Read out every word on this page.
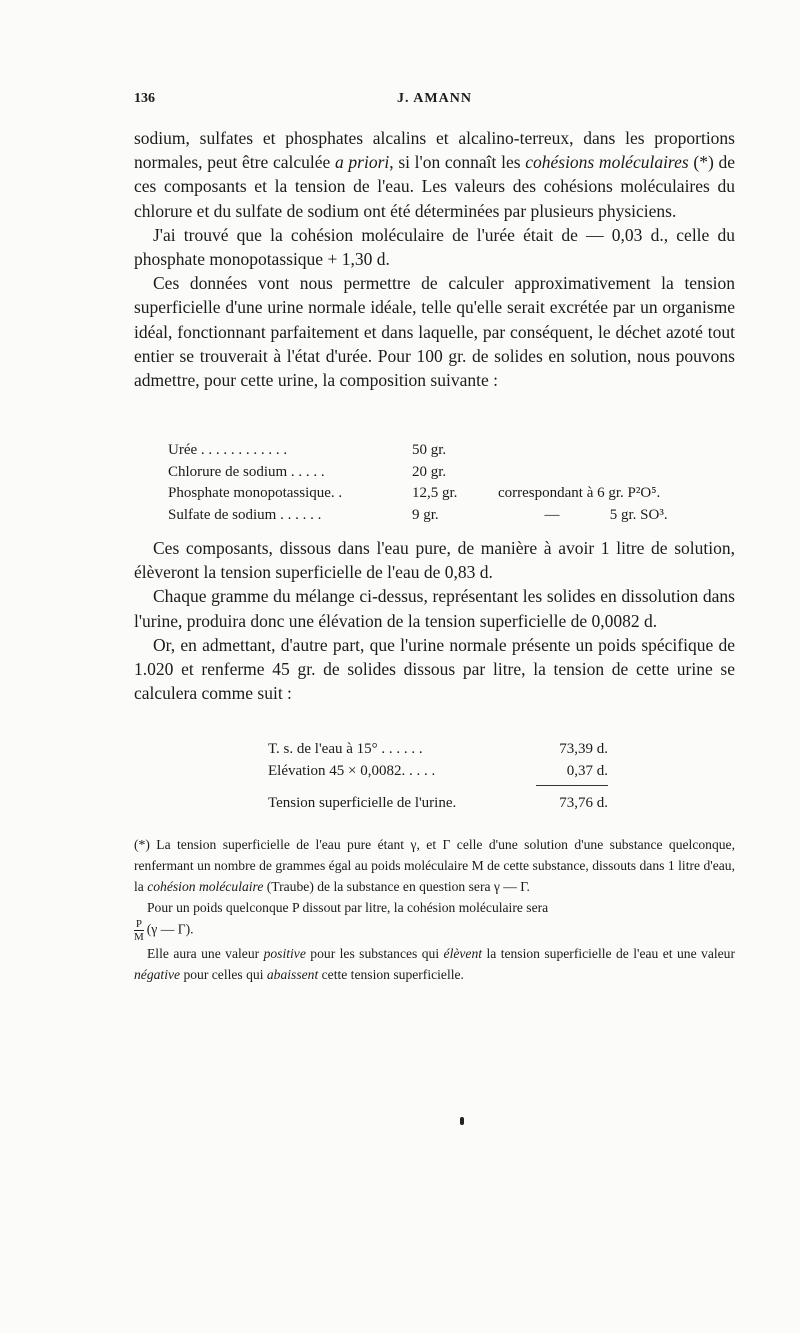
136	J. AMANN

sodium, sulfates et phosphates alcalins et alcalino-terreux, dans les proportions normales, peut être calculée a priori, si l'on connaît les cohésions moléculaires (*) de ces composants et la tension de l'eau. Les valeurs des cohésions moléculaires du chlorure et du sulfate de sodium ont été déterminées par plusieurs physiciens.

J'ai trouvé que la cohésion moléculaire de l'urée était de — 0,03 d., celle du phosphate monopotassique + 1,30 d.

Ces données vont nous permettre de calculer approximativement la tension superficielle d'une urine normale idéale, telle qu'elle serait excrétée par un organisme idéal, fonctionnant parfaitement et dans laquelle, par conséquent, le déchet azoté tout entier se trouverait à l'état d'urée. Pour 100 gr. de solides en solution, nous pouvons admettre, pour cette urine, la composition suivante :

Urée . . . . . . . . . . . .	50 gr.	
Chlorure de sodium . . . . .	20 gr.	
Phosphate monopotassique. .	12,5 gr.	correspondant à 6 gr. P²O⁵.
Sulfate de sodium . . . . . .	9 gr.	— 5 gr. SO³.

Ces composants, dissous dans l'eau pure, de manière à avoir 1 litre de solution, élèveront la tension superficielle de l'eau de 0,83 d.

Chaque gramme du mélange ci-dessus, représentant les solides en dissolution dans l'urine, produira donc une élévation de la tension superficielle de 0,0082 d.

Or, en admettant, d'autre part, que l'urine normale présente un poids spécifique de 1.020 et renferme 45 gr. de solides dissous par litre, la tension de cette urine se calculera comme suit :

T. s. de l'eau à 15° . . . . . .	73,39 d.
Elévation 45 × 0,0082. . . . .	0,37 d.
Tension superficielle de l'urine.	73,76 d.

(*) La tension superficielle de l'eau pure étant γ, et Γ celle d'une solution d'une substance quelconque, renfermant un nombre de grammes égal au poids moléculaire M de cette substance, dissouts dans 1 litre d'eau, la cohésion moléculaire (Traube) de la substance en question sera γ — Γ.

Pour un poids quelconque P dissout par litre, la cohésion moléculaire sera

$\frac{P}{M} (\gamma$ — Γ).

Elle aura une valeur positive pour les substances qui élèvent la tension superficielle de l'eau et une valeur négative pour celles qui abaissent cette tension superficielle.
